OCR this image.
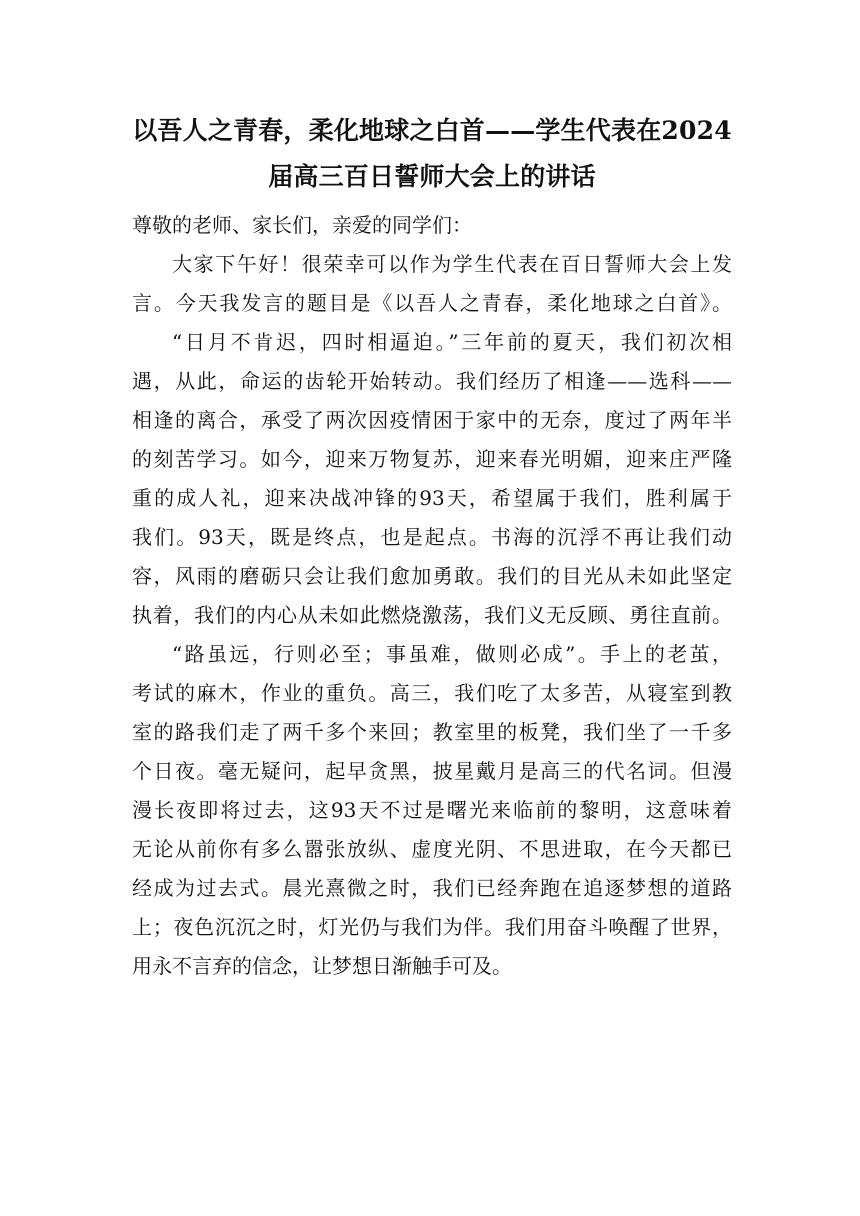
以吾人之青春，柔化地球之白首——学生代表在2024
届高三百日誓师大会上的讲话

尊敬的老师、家长们，亲爱的同学们：

大家下午好！很荣幸可以作为学生代表在百日誓师大会上发
言。今天我发言的题目是《以吾人之青春，柔化地球之白首》。

“日月不肯迟，四时相逼迫。”三年前的夏天，我们初次相
遇，从此，命运的齿轮开始转动。我们经历了相逢——选科——
相逢的离合，承受了两次因疫情困于家中的无奈，度过了两年半
的刻苦学习。如今，迎来万物复苏，迎来春光明媚，迎来庄严隆
重的成人礼，迎来决战冲锋的93天，希望属于我们，胜利属于
我们。93天，既是终点，也是起点。书海的沉浮不再让我们动
容，风雨的磨砺只会让我们愈加勇敢。我们的目光从未如此坚定
执着，我们的内心从未如此燃烧激荡，我们义无反顾、勇往直前。

“路虽远，行则必至；事虽难，做则必成”。手上的老茧，
考试的麻木，作业的重负。高三，我们吃了太多苦，从寝室到教
室的路我们走了两千多个来回；教室里的板凳，我们坐了一千多
个日夜。毫无疑问，起早贪黑，披星戴月是高三的代名词。但漫
漫长夜即将过去，这93天不过是曙光来临前的黎明，这意味着
无论从前你有多么嚣张放纵、虚度光阴、不思进取，在今天都已
经成为过去式。晨光熹微之时，我们已经奔跑在追逐梦想的道路
上；夜色沉沉之时，灯光仍与我们为伴。我们用奋斗唤醒了世界，
用永不言弃的信念，让梦想日渐触手可及。
